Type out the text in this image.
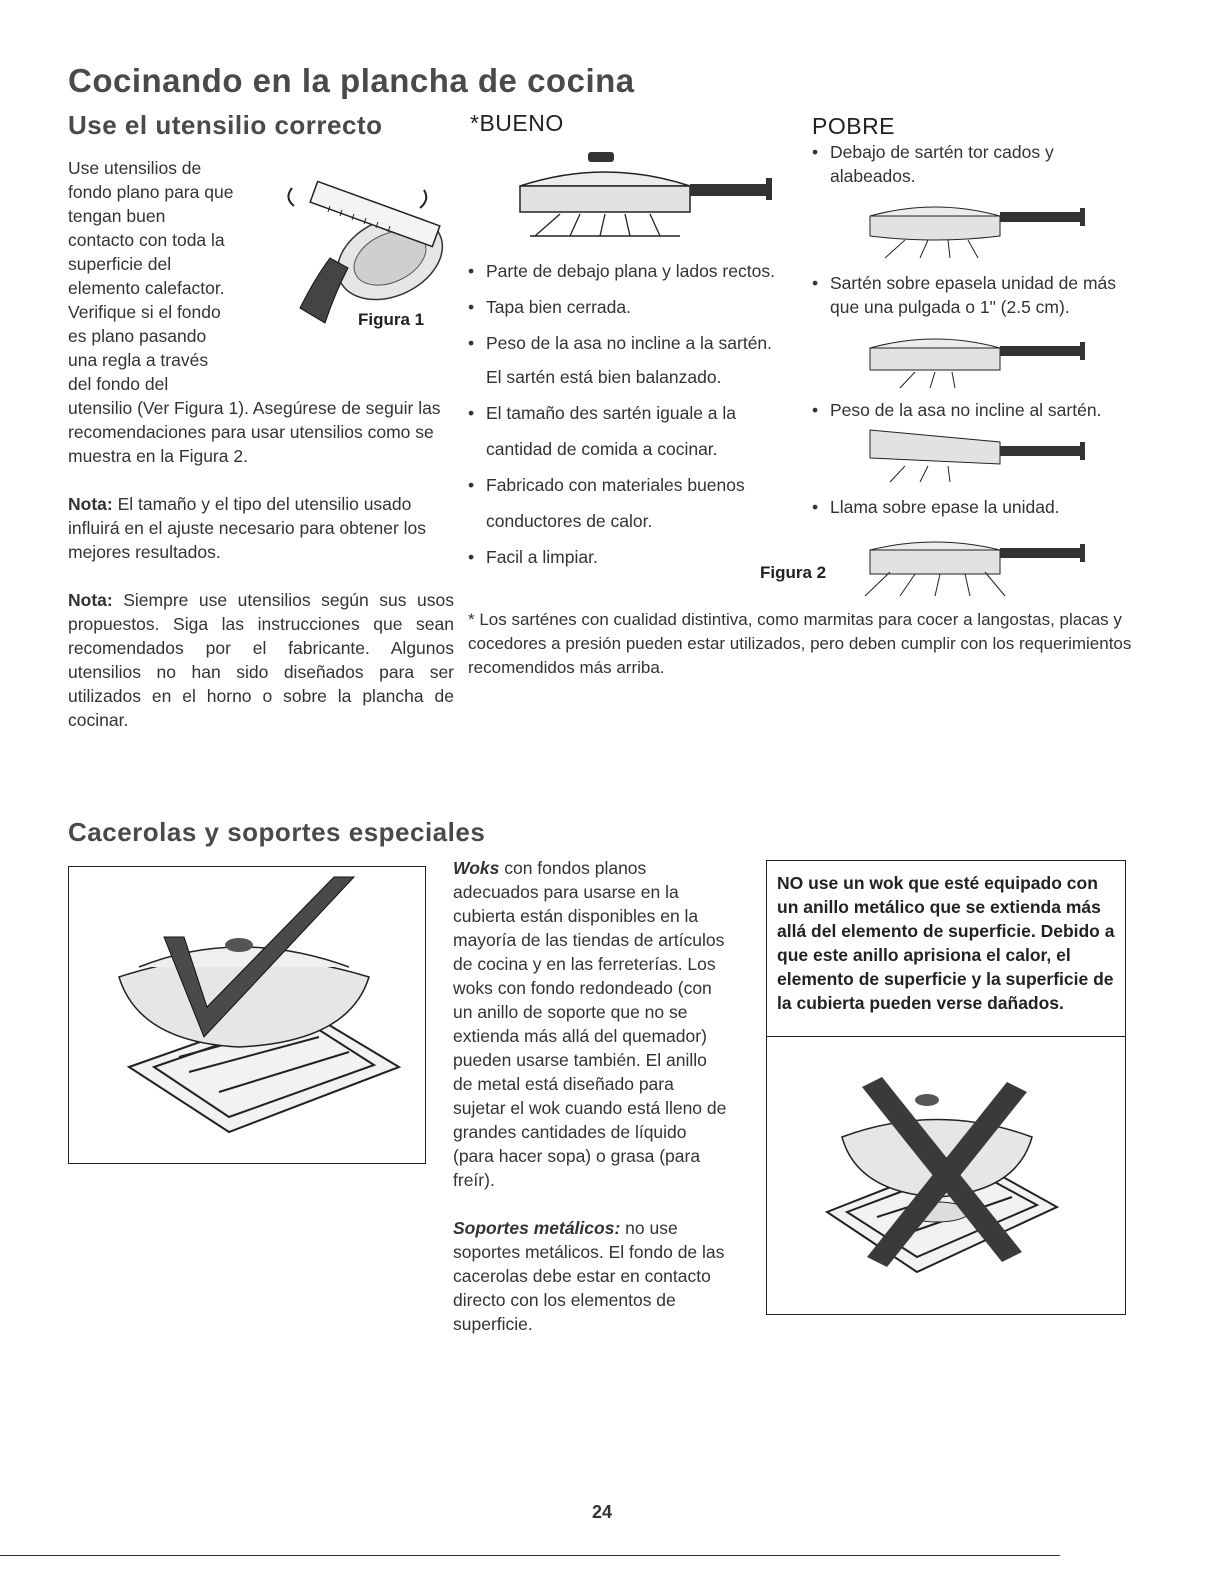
Cocinando en la plancha de cocina
Use el utensilio correcto	*BUENO	POBRE
Use utensilios de
fondo plano para que
tengan buen
contacto con toda la
superficie del
elemento calefactor.
Verifique si el fondo
es plano pasando
una regla a través
del fondo del
utensilio (Ver Figura 1). Asegúrese de seguir las recomendaciones para usar utensilios como se muestra en la Figura 2.
Figura 1
Nota: El tamaño y el tipo del utensilio usado influirá en el ajuste necesario para obtener los mejores resultados.
Nota: Siempre use utensilios según sus usos propuestos. Siga las instrucciones que sean recomendados por el fabricante. Algunos utensilios no han sido diseñados para ser utilizados en el horno o sobre la plancha de cocinar.
• Parte de debajo plana y lados rectos.
• Tapa bien cerrada.
• Peso de la asa no incline a la sartén.
El sartén está bien balanzado.
• El tamaño des sartén iguale a la
cantidad de comida a cocinar.
• Fabricado con materiales buenos
conductores de calor.
• Facil a limpiar.
• Debajo de sartén tor cados y
alabeados.
• Sartén sobre epasela unidad de más
que una pulgada o 1" (2.5 cm).
• Peso de la asa no incline al sartén.
• Llama sobre epase la unidad.
Figura 2
* Los sarténes con cualidad distintiva, como marmitas para cocer a langostas, placas y cocedores a presión pueden estar utilizados, pero deben cumplir con los requerimientos recomendidos más arriba.
Cacerolas y soportes especiales
Woks con fondos planos
adecuados para usarse en la
cubierta están disponibles en la
mayoría de las tiendas de artículos
de cocina y en las ferreterías. Los
woks con fondo redondeado (con
un anillo de soporte que no se
extienda más allá del quemador)
pueden usarse también. El anillo
de metal está diseñado para
sujetar el wok cuando está lleno de
grandes cantidades de líquido
(para hacer sopa) o grasa (para
freír).
Soportes metálicos: no use
soportes metálicos. El fondo de las
cacerolas debe estar en contacto
directo con los elementos de
superficie.
NO use un wok que esté equipado con un anillo metálico que se extienda más allá del elemento de superficie. Debido a que este anillo aprisiona el calor, el elemento de superficie y la superficie de la cubierta pueden verse dañados.
24
